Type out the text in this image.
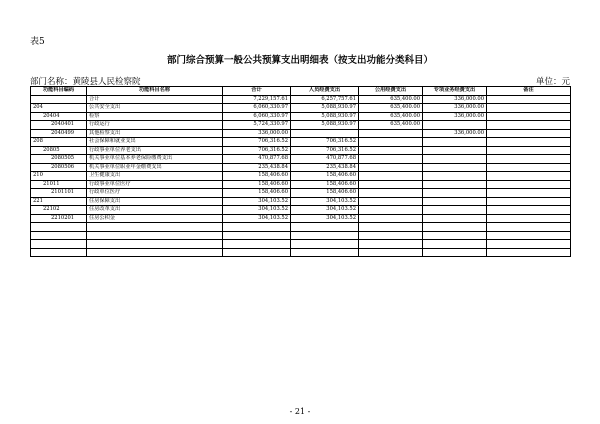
表5
部门综合预算一般公共预算支出明细表（按支出功能分类科目）
部门名称：黄陵县人民检察院	单位：元
功能科目编码	功能科目名称	合计	人员经费支出	公用经费支出	专项业务经费支出	备注
	合计	7,229,157.61	6,257,757.61	635,400.00	336,000.00	
204	公共安全支出	6,060,330.97	5,088,930.97	635,400.00	336,000.00	
20404	检察	6,060,330.97	5,088,930.97	635,400.00	336,000.00	
2040401	行政运行	5,724,330.97	5,088,930.97	635,400.00		
2040499	其他检察支出	336,000.00			336,000.00	
208	社会保障和就业支出	706,316.52	706,316.52			
20805	行政事业单位养老支出	706,316.52	706,316.52			
2080505	机关事业单位基本养老保险缴费支出	470,877.68	470,877.68			
2080506	机关事业单位职业年金缴费支出	235,438.84	235,438.84			
210	卫生健康支出	158,406.60	158,406.60			
21011	行政事业单位医疗	158,406.60	158,406.60			
2101101	行政单位医疗	158,406.60	158,406.60			
221	住房保障支出	304,103.52	304,103.52			
22102	住房改革支出	304,103.52	304,103.52			
2210201	住房公积金	304,103.52	304,103.52			

- 21 -
